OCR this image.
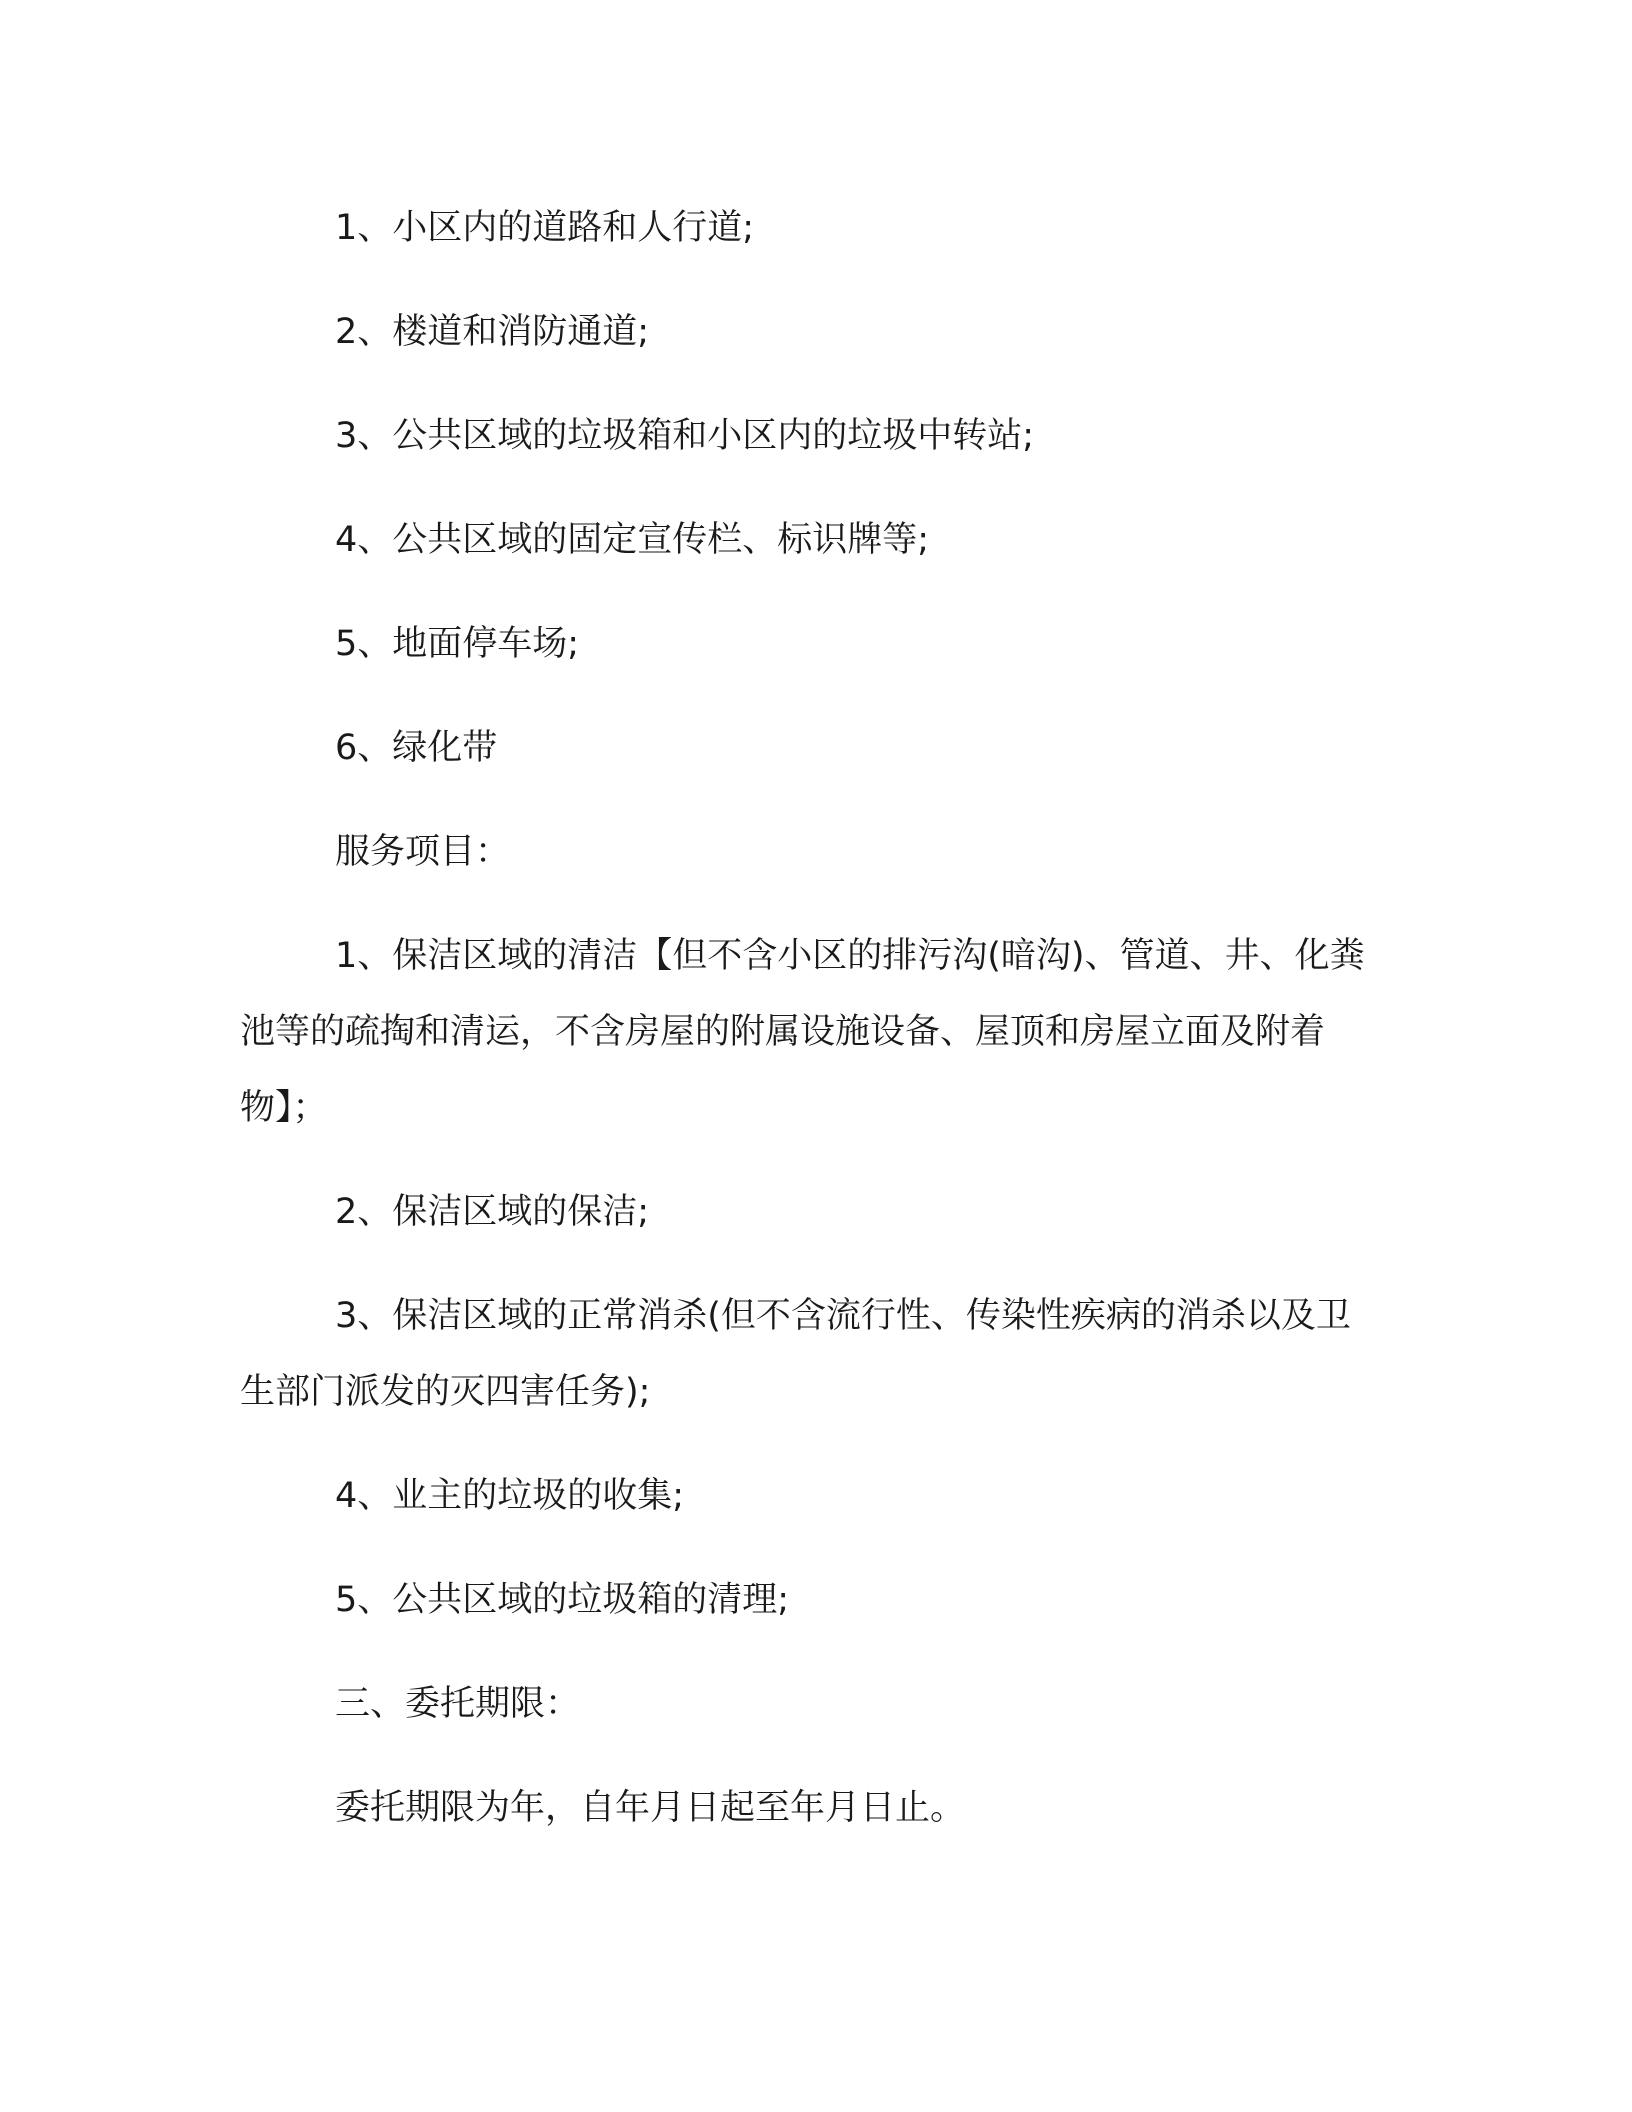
1、小区内的道路和人行道;

2、楼道和消防通道;

3、公共区域的垃圾箱和小区内的垃圾中转站;

4、公共区域的固定宣传栏、标识牌等;

5、地面停车场;

6、绿化带

服务项目：

1、保洁区域的清洁【但不含小区的排污沟(暗沟)、管道、井、化粪池等的疏掏和清运，不含房屋的附属设施设备、屋顶和房屋立面及附着物】；

2、保洁区域的保洁;

3、保洁区域的正常消杀(但不含流行性、传染性疾病的消杀以及卫生部门派发的灭四害任务);

4、业主的垃圾的收集;

5、公共区域的垃圾箱的清理;

三、委托期限：

委托期限为年，自年月日起至年月日止。
